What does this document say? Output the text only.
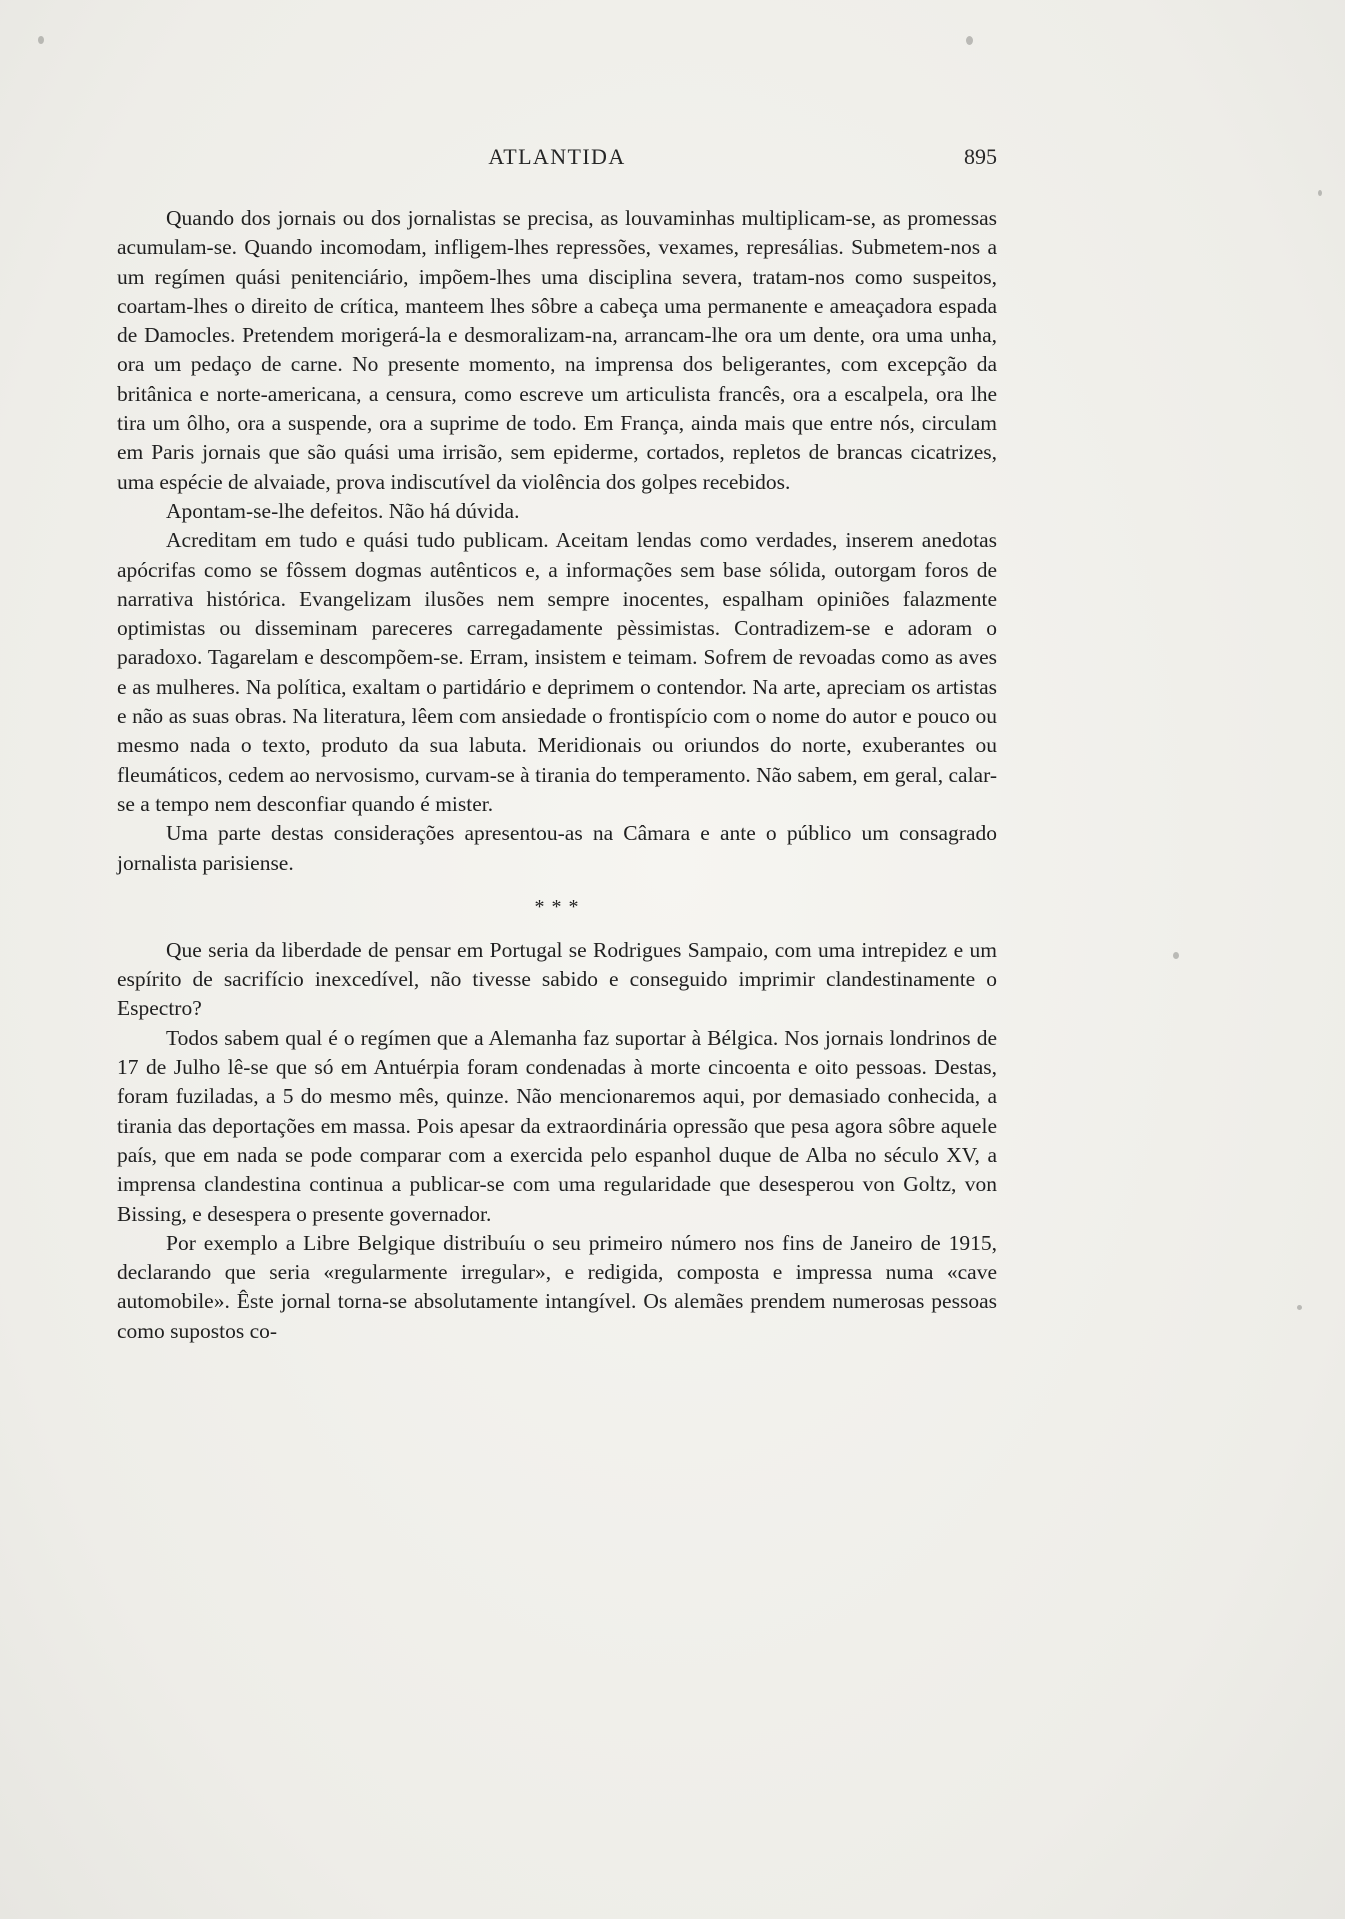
ATLANTIDA	895

Quando dos jornais ou dos jornalistas se precisa, as louvaminhas multiplicam-se, as promessas acumulam-se. Quando incomodam, infligem-lhes repressões, vexames, represálias. Submetem-nos a um regímen quási penitenciário, impõem-lhes uma disciplina severa, tratam-nos como suspeitos, coartam-lhes o direito de crítica, manteem lhes sôbre a cabeça uma permanente e ameaçadora espada de Damocles. Pretendem morigerá-la e desmoralizam-na, arrancam-lhe ora um dente, ora uma unha, ora um pedaço de carne. No presente momento, na imprensa dos beligerantes, com excepção da britânica e norte-americana, a censura, como escreve um articulista francês, ora a escalpela, ora lhe tira um ôlho, ora a suspende, ora a suprime de todo. Em França, ainda mais que entre nós, circulam em Paris jornais que são quási uma irrisão, sem epiderme, cortados, repletos de brancas cicatrizes, uma espécie de alvaiade, prova indiscutível da violência dos golpes recebidos.

Apontam-se-lhe defeitos. Não há dúvida.

Acreditam em tudo e quási tudo publicam. Aceitam lendas como verdades, inserem anedotas apócrifas como se fôssem dogmas autênticos e, a informações sem base sólida, outorgam foros de narrativa histórica. Evangelizam ilusões nem sempre inocentes, espalham opiniões falazmente optimistas ou disseminam pareceres carregadamente pèssimistas. Contradizem-se e adoram o paradoxo. Tagarelam e descompõem-se. Erram, insistem e teimam. Sofrem de revoadas como as aves e as mulheres. Na política, exaltam o partidário e deprimem o contendor. Na arte, apreciam os artistas e não as suas obras. Na literatura, lêem com ansiedade o frontispício com o nome do autor e pouco ou mesmo nada o texto, produto da sua labuta. Meridionais ou oriundos do norte, exuberantes ou fleumáticos, cedem ao nervosismo, curvam-se à tirania do temperamento. Não sabem, em geral, calar-se a tempo nem desconfiar quando é mister.

Uma parte destas considerações apresentou-as na Câmara e ante o público um consagrado jornalista parisiense.

* * *

Que seria da liberdade de pensar em Portugal se Rodrigues Sampaio, com uma intrepidez e um espírito de sacrifício inexcedível, não tivesse sabido e conseguido imprimir clandestinamente o Espectro?

Todos sabem qual é o regímen que a Alemanha faz suportar à Bélgica. Nos jornais londrinos de 17 de Julho lê-se que só em Antuérpia foram condenadas à morte cincoenta e oito pessoas. Destas, foram fuziladas, a 5 do mesmo mês, quinze. Não mencionaremos aqui, por demasiado conhecida, a tirania das deportações em massa. Pois apesar da extraordinária opressão que pesa agora sôbre aquele país, que em nada se pode comparar com a exercida pelo espanhol duque de Alba no século XV, a imprensa clandestina continua a publicar-se com uma regularidade que desesperou von Goltz, von Bissing, e desespera o presente governador.

Por exemplo a Libre Belgique distribuíu o seu primeiro número nos fins de Janeiro de 1915, declarando que seria «regularmente irregular», e redigida, composta e impressa numa «cave automobile». Êste jornal torna-se absolutamente intangível. Os alemães prendem numerosas pessoas como supostos co-
